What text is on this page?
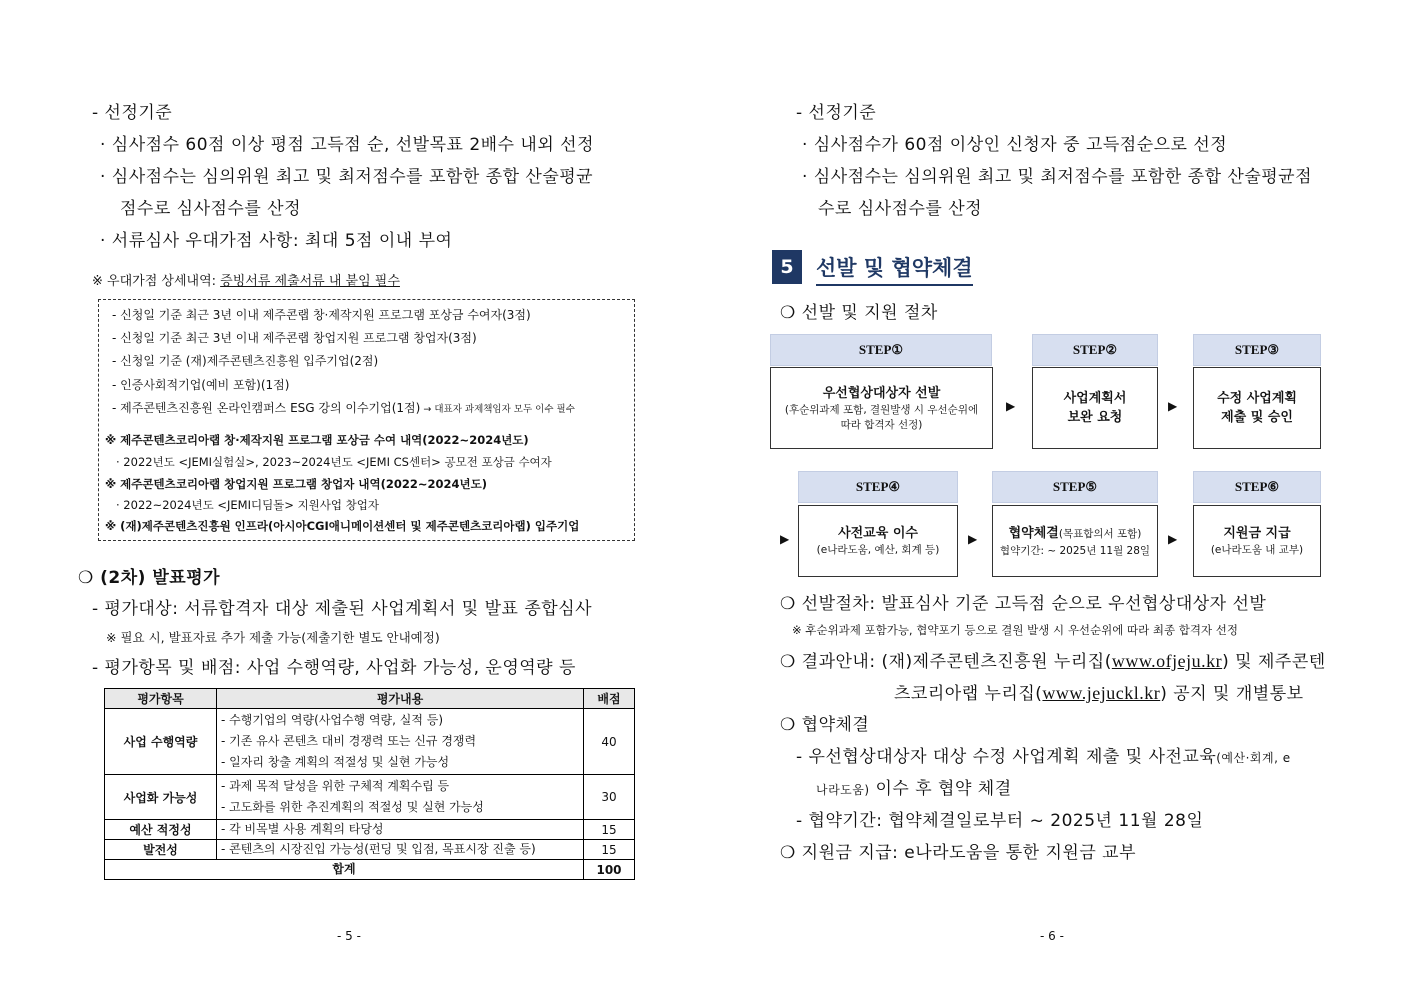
- 선정기준
· 심사점수 60점 이상 평점 고득점 순, 선발목표 2배수 내외 선정
· 심사점수는 심의위원 최고 및 최저점수를 포함한 종합 산술평균
점수로 심사점수를 산정
· 서류심사 우대가점 사항: 최대 5점 이내 부여
※ 우대가점 상세내역: 증빙서류 제출서류 내 붙임 필수
- 신청일 기준 최근 3년 이내 제주콘랩 창·제작지원 프로그램 포상금 수여자(3점)
- 신청일 기준 최근 3년 이내 제주콘랩 창업지원 프로그램 창업자(3점)
- 신청일 기준 (재)제주콘텐츠진흥원 입주기업(2점)
- 인증사회적기업(예비 포함)(1점)
- 제주콘텐츠진흥원 온라인캠퍼스 ESG 강의 이수기업(1점) → 대표자 과제책임자 모두 이수 필수
※ 제주콘텐츠코리아랩 창·제작지원 프로그램 포상금 수여 내역(2022~2024년도)
· 2022년도 <JEMI실험실>, 2023~2024년도 <JEMI CS센터> 공모전 포상금 수여자
※ 제주콘텐츠코리아랩 창업지원 프로그램 창업자 내역(2022~2024년도)
· 2022~2024년도 <JEMI디딤돌> 지원사업 창업자
※ (재)제주콘텐츠진흥원 인프라(아시아CGI애니메이션센터 및 제주콘텐츠코리아랩) 입주기업
❍ (2차) 발표평가
- 평가대상: 서류합격자 대상 제출된 사업계획서 및 발표 종합심사
※ 필요 시, 발표자료 추가 제출 가능(제출기한 별도 안내예정)
- 평가항목 및 배점: 사업 수행역량, 사업화 가능성, 운영역량 등
평가항목	평가내용	배점
사업 수행역량	- 수행기업의 역량(사업수행 역량, 실적 등)
- 기존 유사 콘텐츠 대비 경쟁력 또는 신규 경쟁력
- 일자리 창출 계획의 적절성 및 실현 가능성	40
사업화 가능성	- 과제 목적 달성을 위한 구체적 계획수립 등
- 고도화를 위한 추진계획의 적절성 및 실현 가능성	30
예산 적정성	- 각 비목별 사용 계획의 타당성	15
발전성	- 콘텐츠의 시장진입 가능성(펀딩 및 입점, 목표시장 진출 등)	15
합계		100
- 5 -
- 선정기준
· 심사점수가 60점 이상인 신청자 중 고득점순으로 선정
· 심사점수는 심의위원 최고 및 최저점수를 포함한 종합 산술평균점
수로 심사점수를 산정
5	선발 및 협약체결
❍ 선발 및 지원 절차
STEP①
우선협상대상자 선발
(후순위과제 포함, 결원발생 시 우선순위에
따라 합격자 선정)
▶
STEP②
사업계획서
보완 요청
▶
STEP③
수정 사업계획
제출 및 승인
▶
STEP④
사전교육 이수
(e나라도움, 예산, 회계 등)
▶
STEP⑤
협약체결(목표합의서 포함)
협약기간: ~ 2025년 11월 28일
▶
STEP⑥
지원금 지급
(e나라도움 내 교부)
❍ 선발절차: 발표심사 기준 고득점 순으로 우선협상대상자 선발
※ 후순위과제 포함가능, 협약포기 등으로 결원 발생 시 우선순위에 따라 최종 합격자 선정
❍ 결과안내: (재)제주콘텐츠진흥원 누리집(www.ofjeju.kr) 및 제주콘텐
츠코리아랩 누리집(www.jejuckl.kr) 공지 및 개별통보
❍ 협약체결
- 우선협상대상자 대상 수정 사업계획 제출 및 사전교육(예산·회계, e
나라도움) 이수 후 협약 체결
- 협약기간: 협약체결일로부터 ~ 2025년 11월 28일
❍ 지원금 지급: e나라도움을 통한 지원금 교부
- 6 -
